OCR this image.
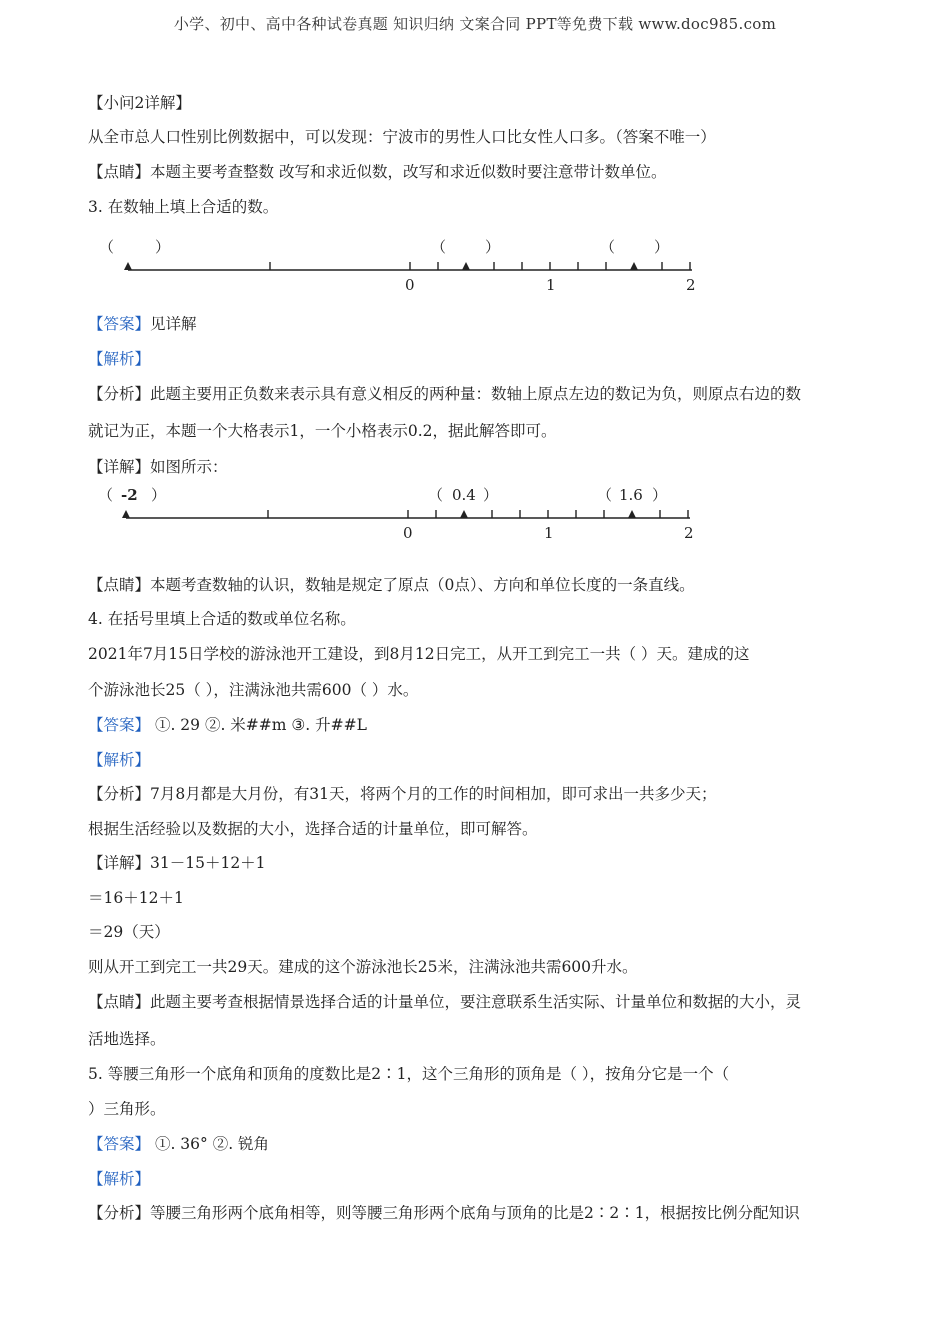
小学、初中、高中各种试卷真题 知识归纳 文案合同 PPT等免费下载 www.doc985.com
【小问2详解】
从全市总人口性别比例数据中，可以发现：宁波市的男性人口比女性人口多。（答案不唯一）
【点睛】本题主要考查整数 改写和求近似数，改写和求近似数时要注意带计数单位。
3. 在数轴上填上合适的数。
（	）	（	）	（	）
0	1	2
【答案】见详解
【解析】
【分析】此题主要用正负数来表示具有意义相反的两种量：数轴上原点左边的数记为负，则原点右边的数
就记为正，本题一个大格表示1，一个小格表示0.2，据此解答即可。
【详解】如图所示：
（ -2 ）	（ 0.4 ）	（ 1.6 ）
0	1	2
【点睛】本题考查数轴的认识，数轴是规定了原点（0点）、方向和单位长度的一条直线。
4. 在括号里填上合适的数或单位名称。
2021年7月15日学校的游泳池开工建设，到8月12日完工，从开工到完工一共（ ）天。建成的这
个游泳池长25（ ），注满泳池共需600（ ）水。
【答案】 ①. 29 ②. 米##m ③. 升##L
【解析】
【分析】7月8月都是大月份，有31天，将两个月的工作的时间相加，即可求出一共多少天；
根据生活经验以及数据的大小，选择合适的计量单位，即可解答。
【详解】31－15＋12＋1
＝16＋12＋1
＝29（天）
则从开工到完工一共29天。建成的这个游泳池长25米，注满泳池共需600升水。
【点睛】此题主要考查根据情景选择合适的计量单位，要注意联系生活实际、计量单位和数据的大小，灵
活地选择。
5. 等腰三角形一个底角和顶角的度数比是2∶1，这个三角形的顶角是（ ），按角分它是一个（
）三角形。
【答案】 ①. 36° ②. 锐角
【解析】
【分析】等腰三角形两个底角相等，则等腰三角形两个底角与顶角的比是2∶2∶1，根据按比例分配知识
